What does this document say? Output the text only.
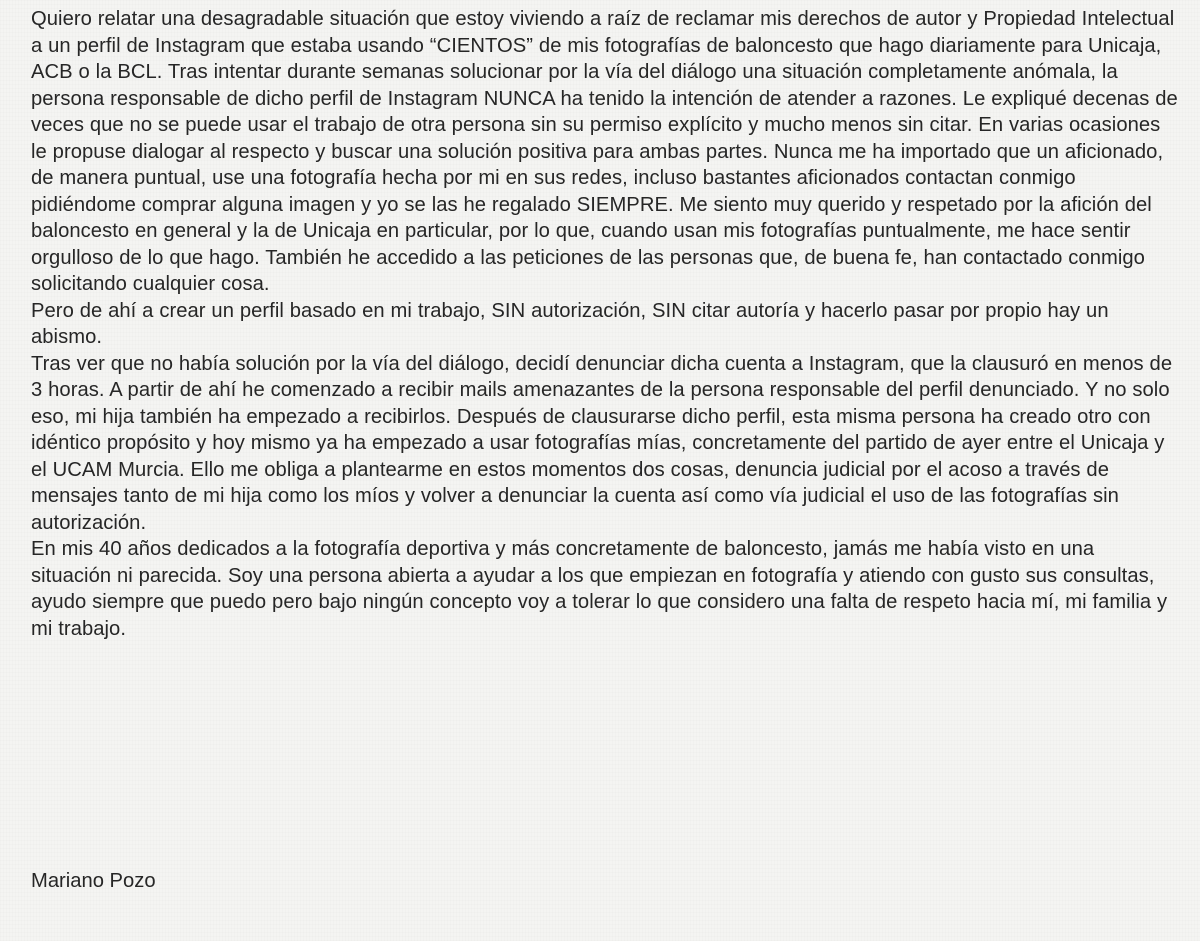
Quiero relatar una desagradable situación que estoy viviendo a raíz de reclamar mis derechos de autor y Propiedad Intelectual a un perfil de Instagram que estaba usando “CIENTOS” de mis fotografías de baloncesto que hago diariamente para Unicaja, ACB o la BCL. Tras intentar durante semanas solucionar por la vía del diálogo una situación completamente anómala, la persona responsable de dicho perfil de Instagram NUNCA ha tenido la intención de atender a razones. Le expliqué decenas de veces que no se puede usar el trabajo de otra persona sin su permiso explícito y mucho menos sin citar. En varias ocasiones le propuse dialogar al respecto y buscar una solución positiva para ambas partes. Nunca me ha importado que un aficionado, de manera puntual, use una fotografía hecha por mi en sus redes, incluso bastantes aficionados contactan conmigo pidiéndome comprar alguna imagen y yo se las he regalado SIEMPRE. Me siento muy querido y respetado por la afición del baloncesto en general y la de Unicaja en particular, por lo que, cuando usan mis fotografías puntualmente, me hace sentir orgulloso de lo que hago. También he accedido a las peticiones de las personas que, de buena fe, han contactado conmigo solicitando cualquier cosa.

Pero de ahí a crear un perfil basado en mi trabajo, SIN autorización, SIN citar autoría y hacerlo pasar por propio hay un abismo.

Tras ver que no había solución por la vía del diálogo, decidí denunciar dicha cuenta a Instagram, que la clausuró en menos de 3 horas. A partir de ahí he comenzado a recibir mails amenazantes de la persona responsable del perfil denunciado. Y no solo eso, mi hija también ha empezado a recibirlos. Después de clausurarse dicho perfil, esta misma persona ha creado otro con idéntico propósito y hoy mismo ya ha empezado a usar fotografías mías, concretamente del partido de ayer entre el Unicaja y el UCAM Murcia. Ello me obliga a plantearme en estos momentos dos cosas, denuncia judicial por el acoso a través de mensajes tanto de mi hija como los míos y volver a denunciar la cuenta así como vía judicial el uso de las fotografías sin autorización.

En mis 40 años dedicados a la fotografía deportiva y más concretamente de baloncesto, jamás me había visto en una situación ni parecida. Soy una persona abierta a ayudar a los que empiezan en fotografía y atiendo con gusto sus consultas, ayudo siempre que puedo pero bajo ningún concepto voy a tolerar lo que considero una falta de respeto hacia mí, mi familia y mi trabajo.

Mariano Pozo
